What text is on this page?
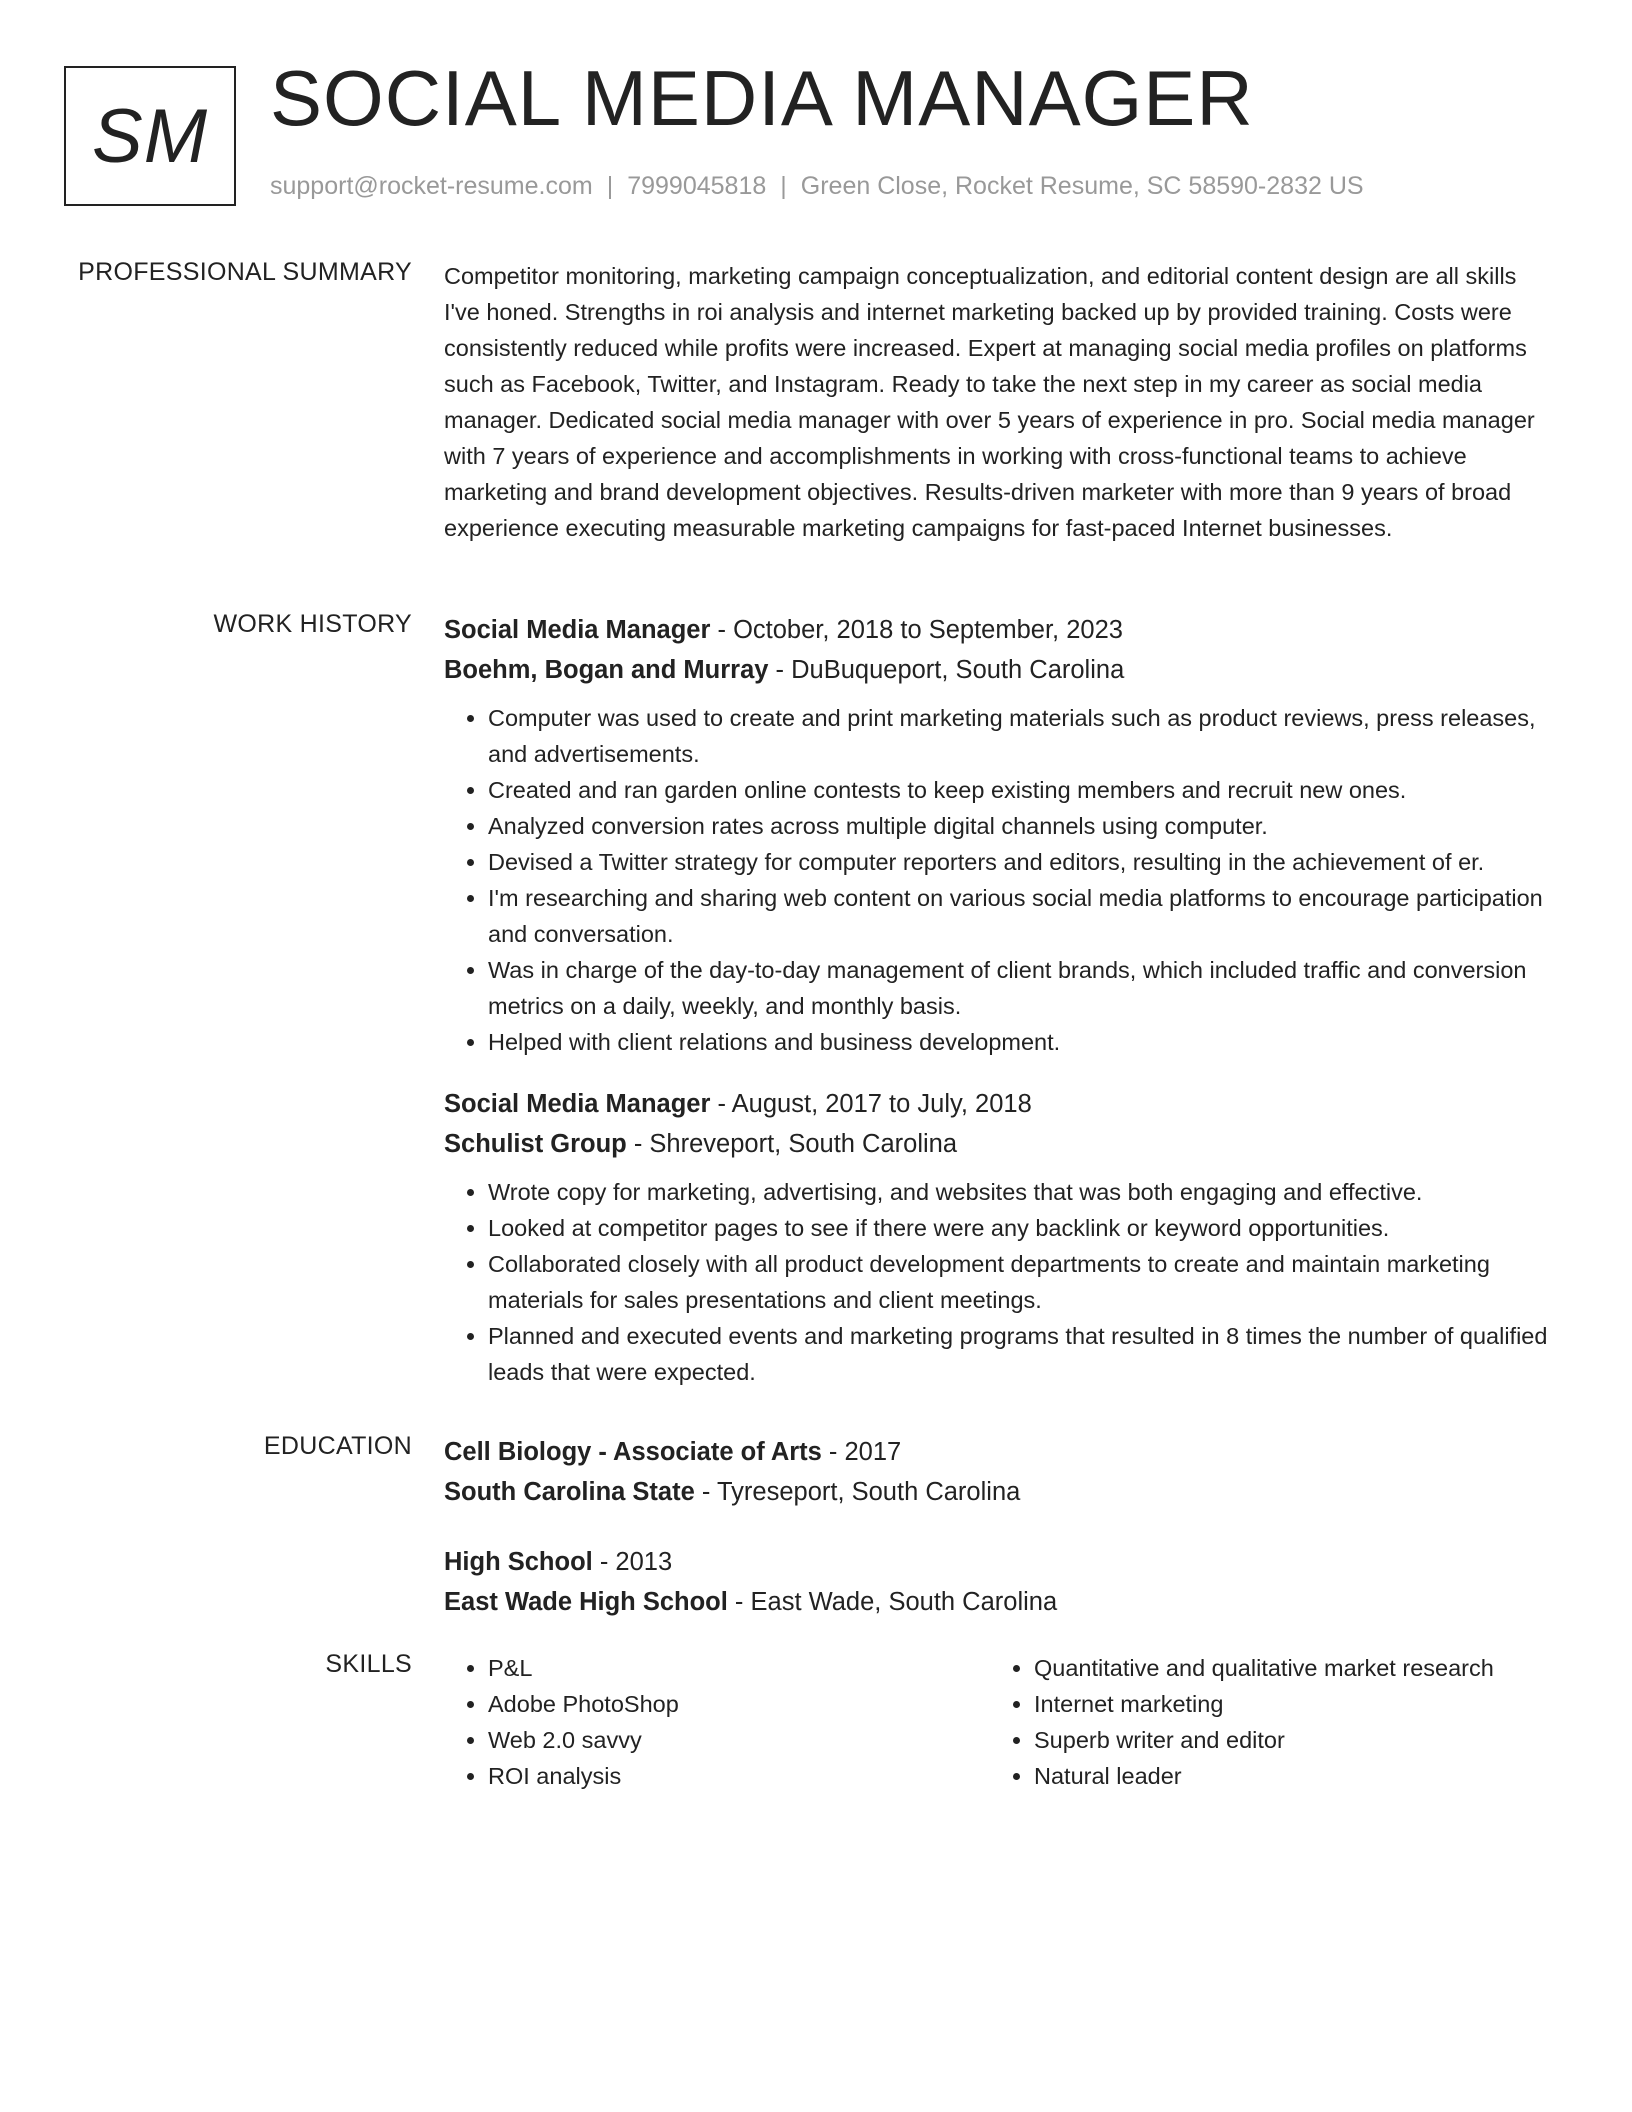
SM SOCIAL MEDIA MANAGER
support@rocket-resume.com | 7999045818 | Green Close, Rocket Resume, SC 58590-2832 US
PROFESSIONAL SUMMARY Competitor monitoring, marketing campaign conceptualization, and editorial content design are all skills I've honed. Strengths in roi analysis and internet marketing backed up by provided training. Costs were consistently reduced while profits were increased. Expert at managing social media profiles on platforms such as Facebook, Twitter, and Instagram. Ready to take the next step in my career as social media manager. Dedicated social media manager with over 5 years of experience in pro. Social media manager with 7 years of experience and accomplishments in working with cross-functional teams to achieve marketing and brand development objectives. Results-driven marketer with more than 9 years of broad experience executing measurable marketing campaigns for fast-paced Internet businesses.
WORK HISTORY Social Media Manager - October, 2018 to September, 2023
Boehm, Bogan and Murray - DuBuqueport, South Carolina
• Computer was used to create and print marketing materials such as product reviews, press releases, and advertisements.
• Created and ran garden online contests to keep existing members and recruit new ones.
• Analyzed conversion rates across multiple digital channels using computer.
• Devised a Twitter strategy for computer reporters and editors, resulting in the achievement of er.
• I'm researching and sharing web content on various social media platforms to encourage participation and conversation.
• Was in charge of the day-to-day management of client brands, which included traffic and conversion metrics on a daily, weekly, and monthly basis.
• Helped with client relations and business development.
Social Media Manager - August, 2017 to July, 2018
Schulist Group - Shreveport, South Carolina
• Wrote copy for marketing, advertising, and websites that was both engaging and effective.
• Looked at competitor pages to see if there were any backlink or keyword opportunities.
• Collaborated closely with all product development departments to create and maintain marketing materials for sales presentations and client meetings.
• Planned and executed events and marketing programs that resulted in 8 times the number of qualified leads that were expected.
EDUCATION Cell Biology - Associate of Arts - 2017
South Carolina State - Tyreseport, South Carolina
High School - 2013
East Wade High School - East Wade, South Carolina
SKILLS
•	P&L
• Adobe PhotoShop
• Web 2.0 savvy
• ROI analysis
• Quantitative and qualitative market research
• Internet marketing
• Superb writer and editor
• Natural leader
